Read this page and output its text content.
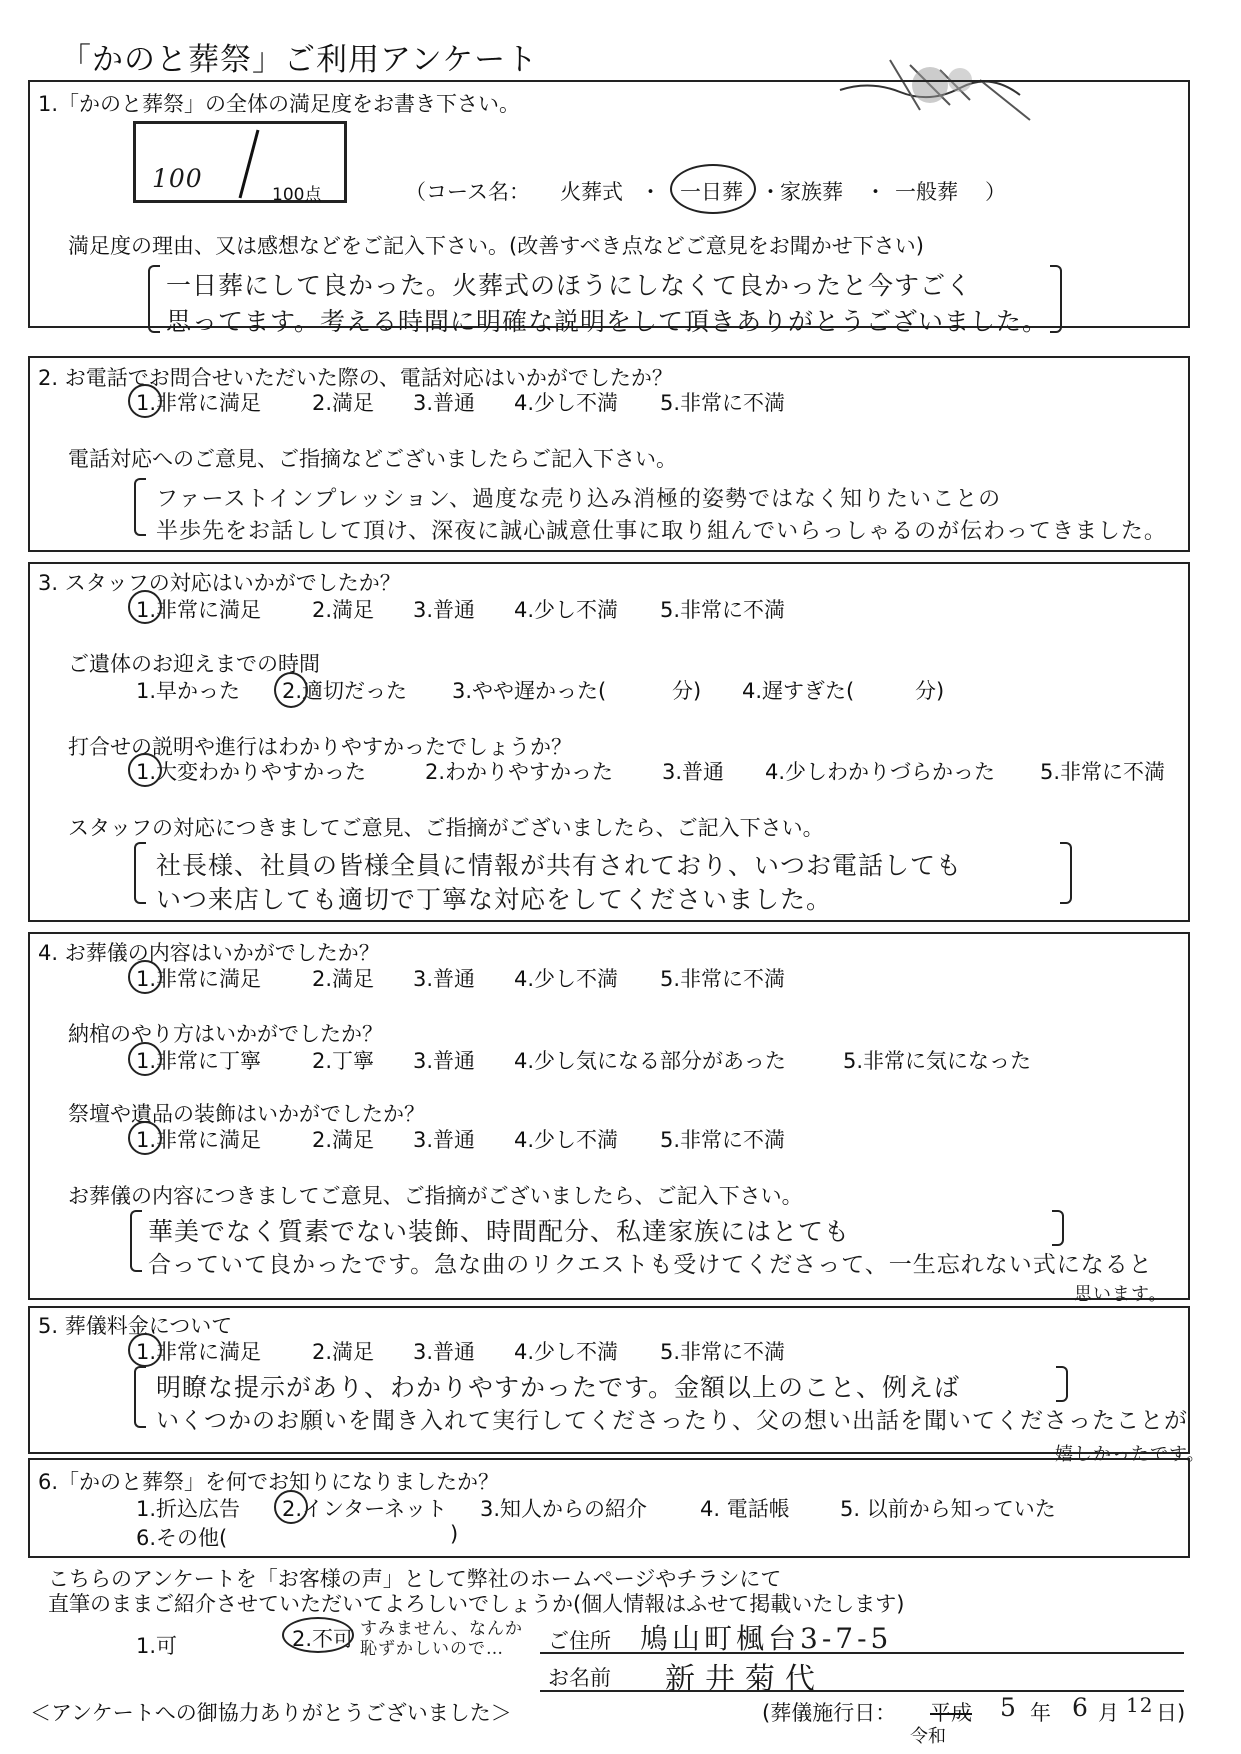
「かのと葬祭」ご利用アンケート
1.「かのと葬祭」の全体の満足度をお書き下さい。
100
100点	（コース名： 火葬式 ・ 一日葬 ・ 家族葬 ・ 一般葬 ）
満足度の理由、又は感想などをご記入下さい。(改善すべき点などご意見をお聞かせ下さい)
一日葬にして良かった。火葬式のほうにしなくて良かったと今すごく
思ってます。考える時間に明確な説明をして頂きありがとうございました。
2. お電話でお問合せいただいた際の、電話対応はいかがでしたか？
1.非常に満足 2.満足 3.普通 4.少し不満 5.非常に不満
電話対応へのご意見、ご指摘などございましたらご記入下さい。
ファーストインプレッション、過度な売り込み消極的姿勢ではなく知りたいことの
半歩先をお話しして頂け、深夜に誠心誠意仕事に取り組んでいらっしゃるのが伝わってきました。
3. スタッフの対応はいかがでしたか？
1.非常に満足 2.満足 3.普通 4.少し不満 5.非常に不満
ご遺体のお迎えまでの時間
1.早かった 2.適切だった 3.やや遅かった(	分) 4.遅すぎた(	分)
打合せの説明や進行はわかりやすかったでしょうか？
1.大変わかりやすかった	2.わかりやすかった 3.普通 4.少しわかりづらかった 5.非常に不満
スタッフの対応につきましてご意見、ご指摘がございましたら、ご記入下さい。
社長様、社員の皆様全員に情報が共有されており、いつお電話しても
いつ来店しても適切で丁寧な対応をしてくださいました。
4. お葬儀の内容はいかがでしたか？
1.非常に満足 2.満足 3.普通 4.少し不満 5.非常に不満
納棺のやり方はいかがでしたか？
1.非常に丁寧 2.丁寧 3.普通 4.少し気になる部分があった	5.非常に気になった
祭壇や遺品の装飾はいかがでしたか？
1.非常に満足 2.満足 3.普通 4.少し不満 5.非常に不満
お葬儀の内容につきましてご意見、ご指摘がございましたら、ご記入下さい。
華美でなく質素でない装飾、時間配分、私達家族にはとても
合っていて良かったです。急な曲のリクエストも受けてくださって、一生忘れない式になると
思います。
5. 葬儀料金について
1.非常に満足 2.満足 3.普通 4.少し不満 5.非常に不満
明瞭な提示があり、わかりやすかったです。金額以上のこと、例えば
いくつかのお願いを聞き入れて実行してくださったり、父の想い出話を聞いてくださったことが
嬉しかったです。
6.「かのと葬祭」を何でお知りになりましたか？
1.折込広告 2.インターネット 3.知人からの紹介	4. 電話帳 5. 以前から知っていた
6.その他(	)
こちらのアンケートを「お客様の声」として弊社のホームページやチラシにて
直筆のままご紹介させていただいてよろしいでしょうか(個人情報はふせて掲載いたします)
1.可	2.不可 すみません、なんか
恥ずかしいので… ご住所 鳩山町楓台3-7-5
お名前 新井菊代
＜アンケートへの御協力ありがとうございました＞	(葬儀施行日： 平成
令和
5 年 6 月 12 日)
